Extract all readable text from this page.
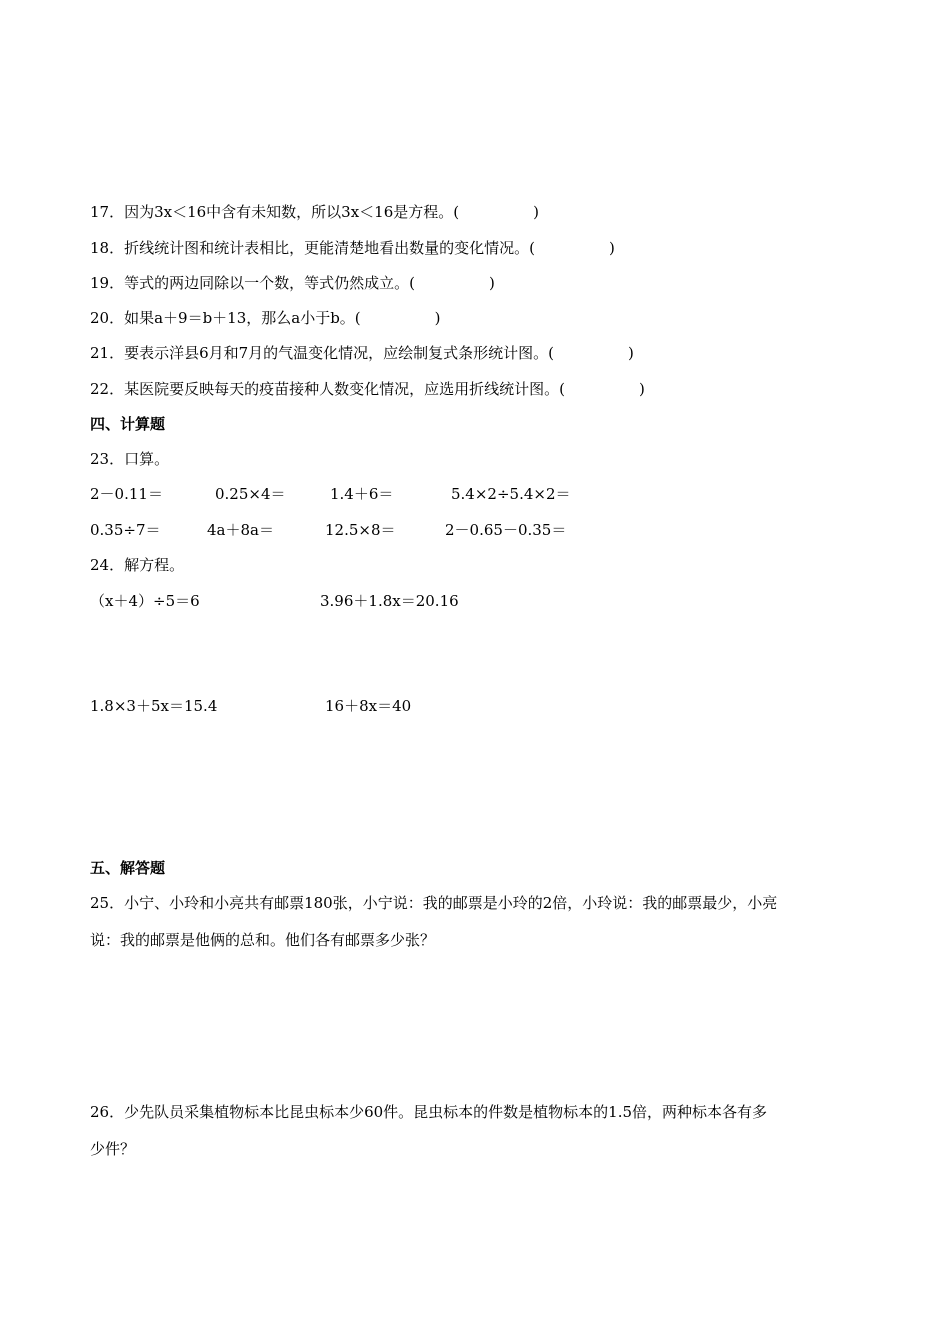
17．因为3x＜16中含有未知数，所以3x＜16是方程。(	)
18．折线统计图和统计表相比，更能清楚地看出数量的变化情况。(	)
19．等式的两边同除以一个数，等式仍然成立。(	)
20．如果a＋9＝b＋13，那么a小于b。(	)
21．要表示洋县6月和7月的气温变化情况，应绘制复式条形统计图。(	)
22．某医院要反映每天的疫苗接种人数变化情况，应选用折线统计图。(	)
四、计算题
23．口算。
2－0.11＝	0.25×4＝	1.4＋6＝	5.4×2÷5.4×2＝
0.35÷7＝	4a＋8a＝	12.5×8＝	2－0.65－0.35＝
24．解方程。
（x＋4）÷5＝6	3.96＋1.8x＝20.16
1.8×3＋5x＝15.4	16＋8x＝40
五、解答题
25．小宁、小玲和小亮共有邮票180张，小宁说：我的邮票是小玲的2倍，小玲说：我的邮票最少，小亮
说：我的邮票是他俩的总和。他们各有邮票多少张？
26．少先队员采集植物标本比昆虫标本少60件。昆虫标本的件数是植物标本的1.5倍，两种标本各有多
少件？
